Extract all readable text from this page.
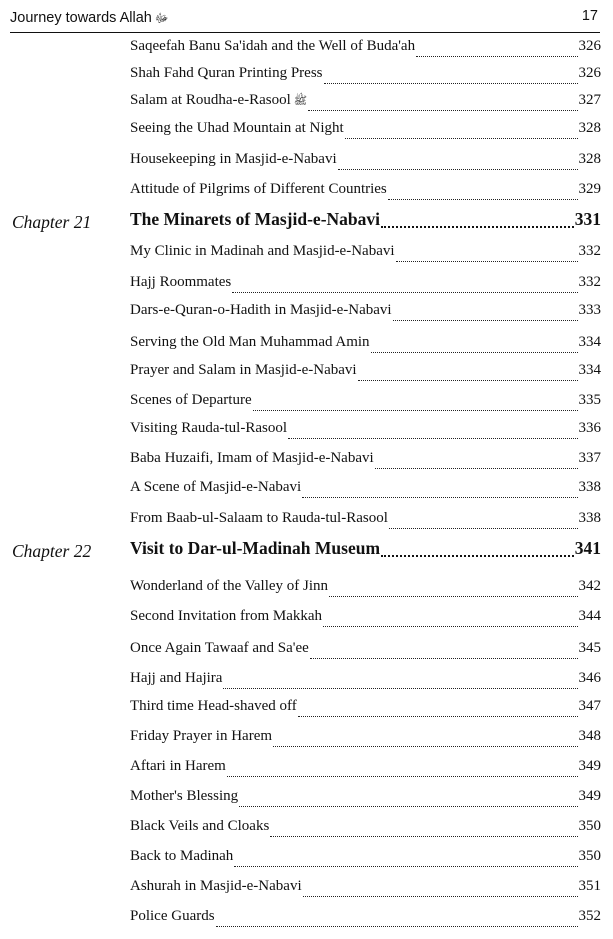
Journey towards Allah ﷻ	17
Saqeefah Banu Sa'idah and the Well of Buda'ah	326
Shah Fahd Quran Printing Press	326
Salam at Roudha-e-Rasool ﷺ	327
Seeing the Uhad Mountain at Night	328
Housekeeping in Masjid-e-Nabavi	328
Attitude of Pilgrims of Different Countries	329
Chapter 21 The Minarets of Masjid-e-Nabavi	331
My Clinic in Madinah and Masjid-e-Nabavi	332
Hajj Roommates	332
Dars-e-Quran-o-Hadith in Masjid-e-Nabavi	333
Serving the Old Man Muhammad Amin	334
Prayer and Salam in Masjid-e-Nabavi	334
Scenes of Departure	335
Visiting Rauda-tul-Rasool	336
Baba Huzaifi, Imam of Masjid-e-Nabavi	337
A Scene of Masjid-e-Nabavi	338
From Baab-ul-Salaam to Rauda-tul-Rasool	338
Chapter 22 Visit to Dar-ul-Madinah Museum	341
Wonderland of the Valley of Jinn	342
Second Invitation from Makkah	344
Once Again Tawaaf and Sa'ee	345
Hajj and Hajira	346
Third time Head-shaved off	347
Friday Prayer in Harem	348
Aftari in Harem	349
Mother's Blessing	349
Black Veils and Cloaks	350
Back to Madinah	350
Ashurah in Masjid-e-Nabavi	351
Police Guards	352
